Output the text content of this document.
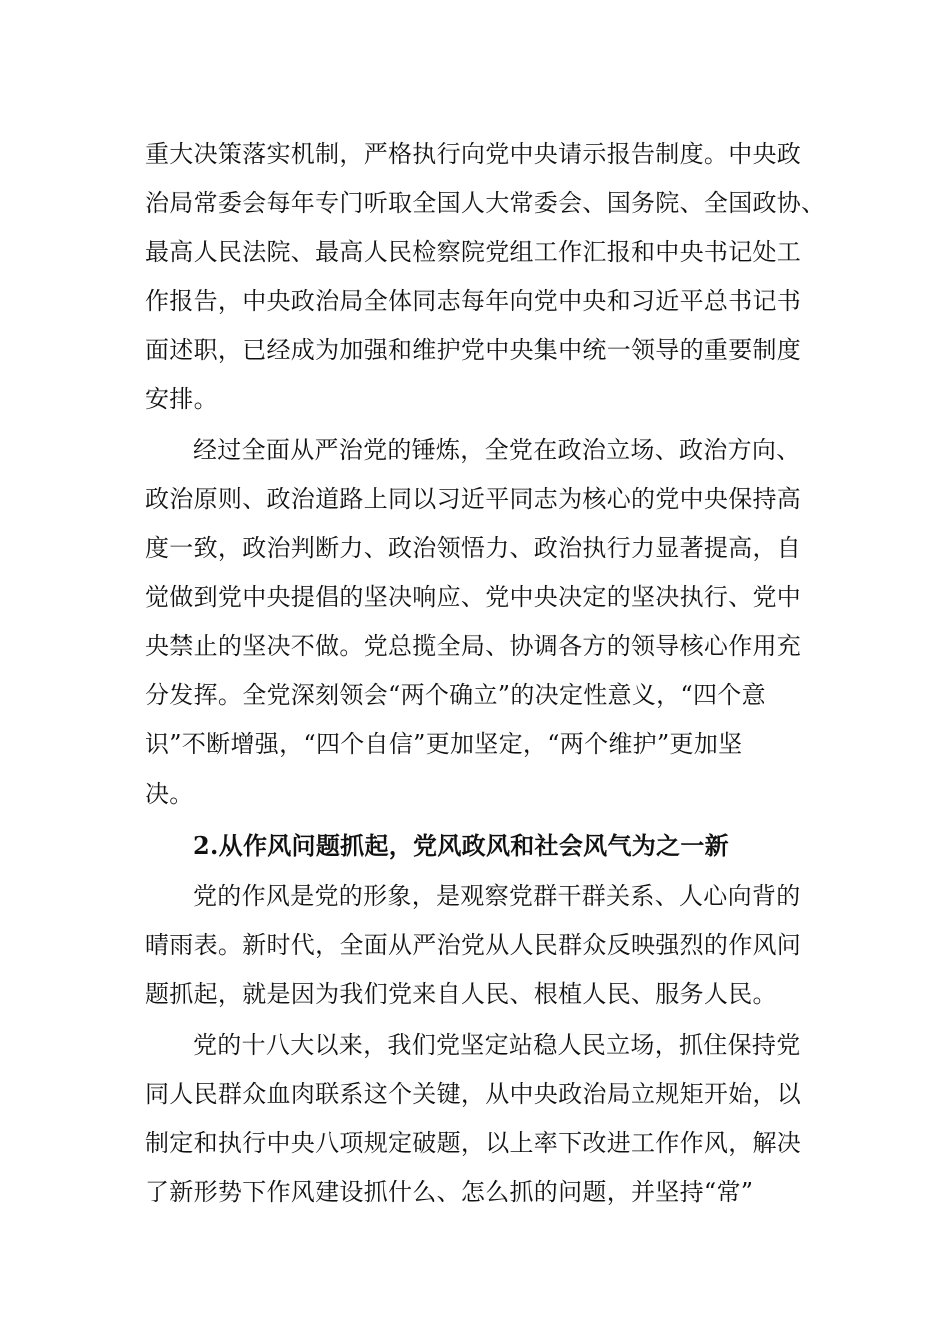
重大决策落实机制，严格执行向党中央请示报告制度。中央政
治局常委会每年专门听取全国人大常委会、国务院、全国政协、
最高人民法院、最高人民检察院党组工作汇报和中央书记处工
作报告，中央政治局全体同志每年向党中央和习近平总书记书
面述职，已经成为加强和维护党中央集中统一领导的重要制度
安排。
经过全面从严治党的锤炼，全党在政治立场、政治方向、
政治原则、政治道路上同以习近平同志为核心的党中央保持高
度一致，政治判断力、政治领悟力、政治执行力显著提高，自
觉做到党中央提倡的坚决响应、党中央决定的坚决执行、党中
央禁止的坚决不做。党总揽全局、协调各方的领导核心作用充
分发挥。全党深刻领会“两个确立”的决定性意义，“四个意
识”不断增强，“四个自信”更加坚定，“两个维护”更加坚
决。
2.从作风问题抓起，党风政风和社会风气为之一新
党的作风是党的形象，是观察党群干群关系、人心向背的
晴雨表。新时代，全面从严治党从人民群众反映强烈的作风问
题抓起，就是因为我们党来自人民、根植人民、服务人民。
党的十八大以来，我们党坚定站稳人民立场，抓住保持党
同人民群众血肉联系这个关键，从中央政治局立规矩开始，以
制定和执行中央八项规定破题，以上率下改进工作作风，解决
了新形势下作风建设抓什么、怎么抓的问题，并坚持“常”
